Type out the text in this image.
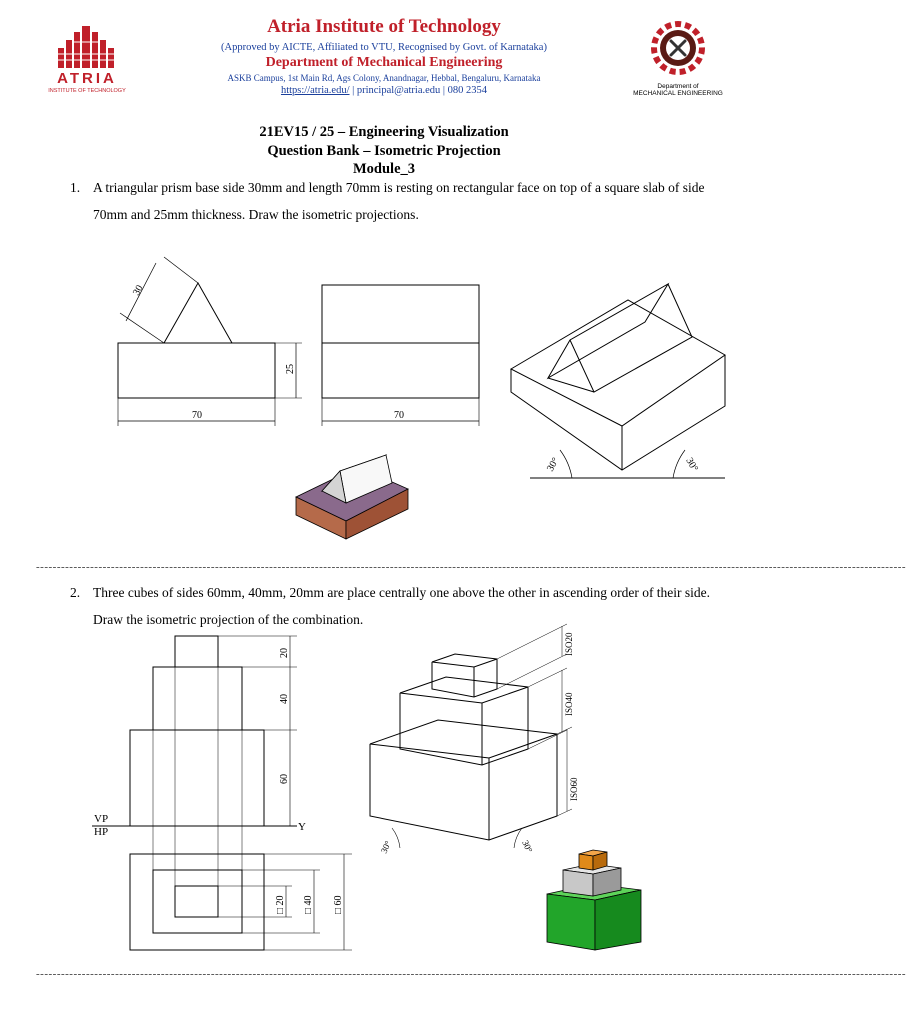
ATRIA
INSTITUTE OF TECHNOLOGY
Atria Institute of Technology
(Approved by AICTE, Affiliated to VTU, Recognised by Govt. of Karnataka)
Department of Mechanical Engineering
ASKB Campus, 1st Main Rd, Ags Colony, Anandnagar, Hebbal, Bengaluru, Karnataka
https://atria.edu/ | principal@atria.edu | 080 2354	Department of
MECHANICAL ENGINEERING
21EV15 / 25 – Engineering Visualization
Question Bank – Isometric Projection
Module_3
1. A triangular prism base side 30mm and length 70mm is resting on rectangular face on top of a square slab of side 70mm and 25mm thickness. Draw the isometric projections.
30
25
70	70
30°	30°
-----------------------------------------------------------------------------------------------------------------------------------------------------------------------------------------------------------------
2. Three cubes of sides 60mm, 40mm, 20mm are place centrally one above the other in ascending order of their side. Draw the isometric projection of the combination.
VP
HP	Y
20
40
60
□ 20 □ 40 □ 60
ISO20
ISO40
ISO60
30°	30°
-----------------------------------------------------------------------------------------------------------------------------------------------------------------------------------------------------------------
